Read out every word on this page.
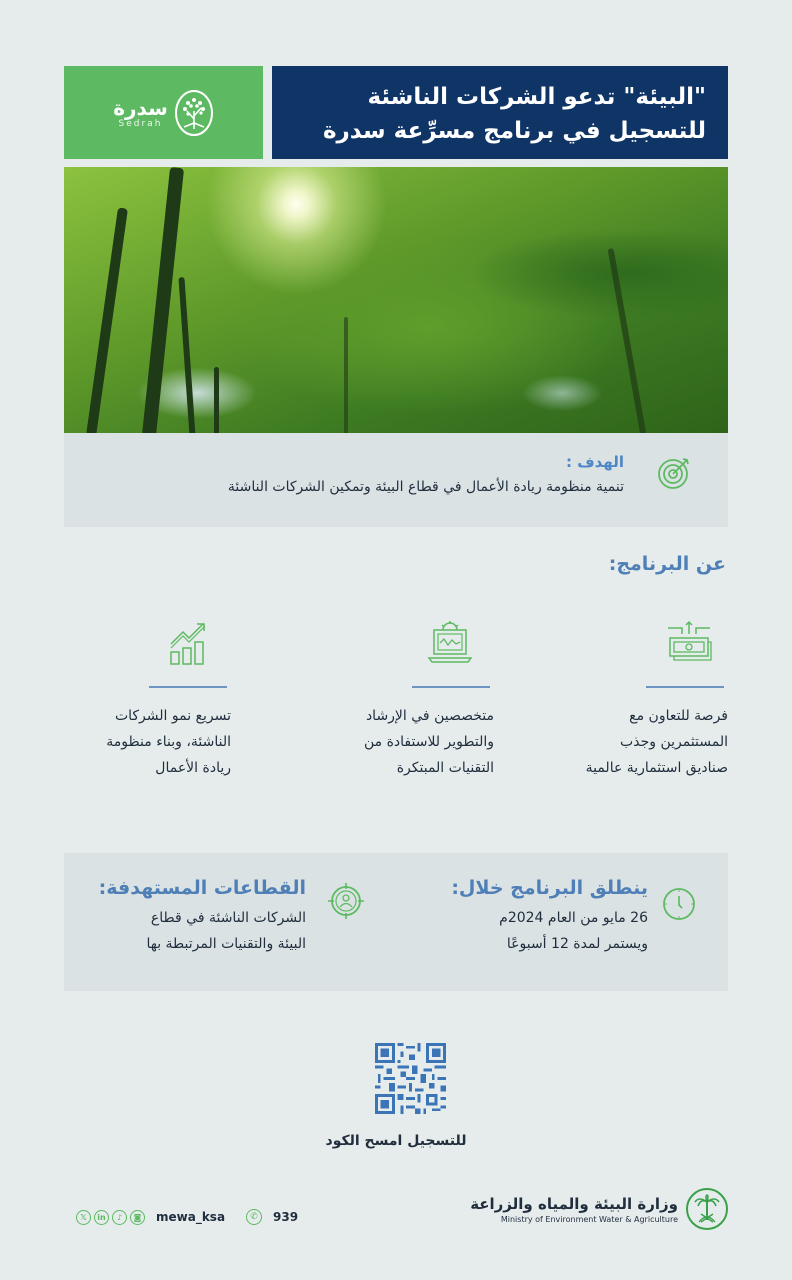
سدرة
Sedrah
"البيئة" تدعو الشركات الناشئة
للتسجيل في برنامج مسرِّعة سدرة
الهدف :
تنمية منظومة ريادة الأعمال في قطاع البيئة وتمكين الشركات الناشئة
عن البرنامج:
فرصة للتعاون مع
المستثمرين وجذب
صناديق استثمارية عالمية
متخصصين في الإرشاد
والتطوير للاستفادة من
التقنيات المبتكرة
تسريع نمو الشركات
الناشئة، وبناء منظومة
ريادة الأعمال
ينطلق البرنامج خلال:
26 مايو من العام 2024م
ويستمر لمدة 12 أسبوعًا
القطاعات المستهدفة:
الشركات الناشئة في قطاع
البيئة والتقنيات المرتبطة بها
للتسجيل امسح الكود
𝕏	in	♪	◙	mewa_ksa	✆	939
وزارة البيئة والمياه والزراعة
Ministry of Environment Water & Agriculture
